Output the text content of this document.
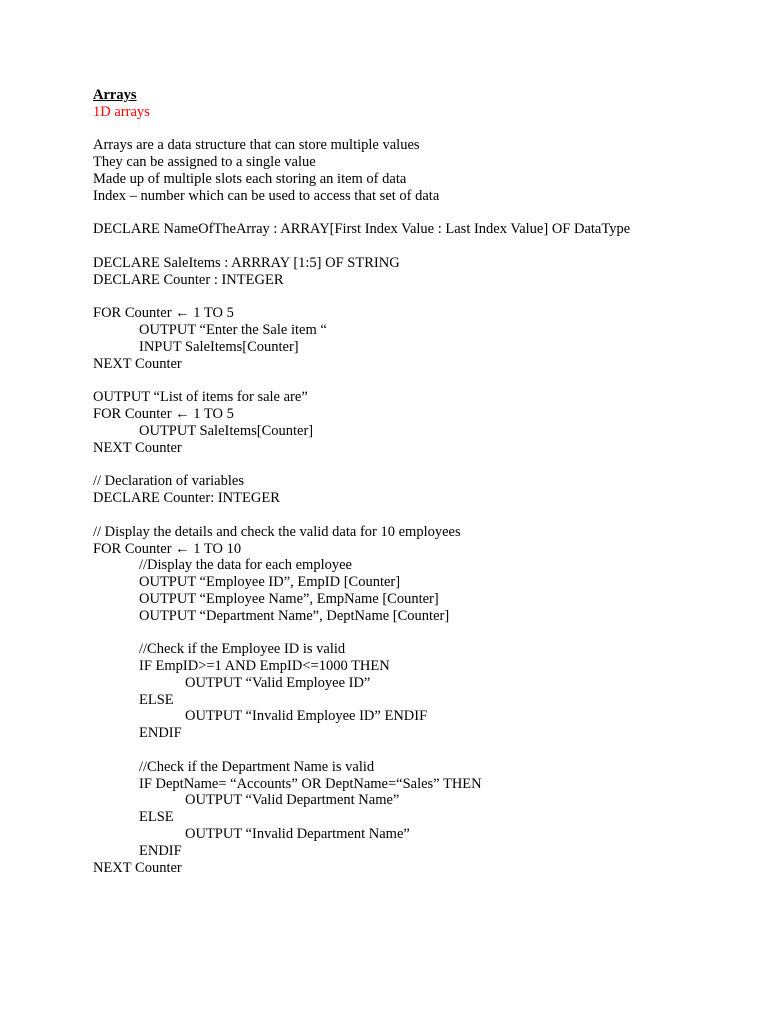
Arrays
1D arrays
Arrays are a data structure that can store multiple values
They can be assigned to a single value
Made up of multiple slots each storing an item of data
Index – number which can be used to access that set of data
DECLARE NameOfTheArray : ARRAY[First Index Value : Last Index Value] OF DataType
DECLARE SaleItems : ARRRAY [1:5] OF STRING
DECLARE Counter : INTEGER
FOR Counter ← 1 TO 5
OUTPUT “Enter the Sale item “
INPUT SaleItems[Counter]
NEXT Counter
OUTPUT “List of items for sale are”
FOR Counter ← 1 TO 5
OUTPUT SaleItems[Counter]
NEXT Counter
// Declaration of variables
DECLARE Counter: INTEGER
// Display the details and check the valid data for 10 employees
FOR Counter ← 1 TO 10
//Display the data for each employee
OUTPUT “Employee ID”, EmpID [Counter]
OUTPUT “Employee Name”, EmpName [Counter]
OUTPUT “Department Name”, DeptName [Counter]
//Check if the Employee ID is valid
IF EmpID>=1 AND EmpID<=1000 THEN
OUTPUT “Valid Employee ID”
ELSE
OUTPUT “Invalid Employee ID” ENDIF
ENDIF
//Check if the Department Name is valid
IF DeptName= “Accounts” OR DeptName=“Sales” THEN
OUTPUT “Valid Department Name”
ELSE
OUTPUT “Invalid Department Name”
ENDIF
NEXT Counter
